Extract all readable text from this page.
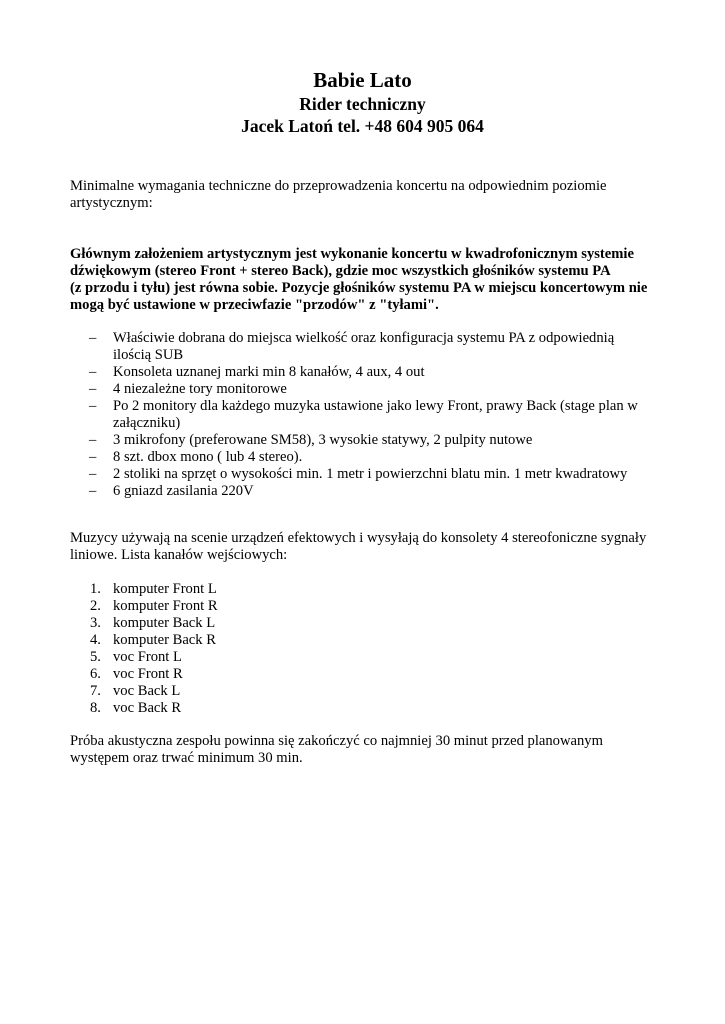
Babie Lato
Rider techniczny
Jacek Latoń tel. +48 604 905 064
Minimalne wymagania techniczne do przeprowadzenia koncertu na odpowiednim poziomie artystycznym:
Głównym założeniem artystycznym jest wykonanie koncertu w kwadrofonicznym systemie
dźwiękowym (stereo Front + stereo Back), gdzie moc wszystkich głośników systemu PA
(z przodu i tyłu) jest równa sobie. Pozycje głośników systemu PA w miejscu koncertowym nie
mogą być ustawione w przeciwfazie "przodów" z "tyłami".
– Właściwie dobrana do miejsca wielkość oraz konfiguracja systemu PA z odpowiednią
ilością SUB
– Konsoleta uznanej marki min 8 kanałów, 4 aux, 4 out
– 4 niezależne tory monitorowe
– Po 2 monitory dla każdego muzyka ustawione jako lewy Front, prawy Back (stage plan w
załączniku)
– 3 mikrofony (preferowane SM58), 3 wysokie statywy, 2 pulpity nutowe
– 8 szt. dbox mono ( lub 4 stereo).
– 2 stoliki na sprzęt o wysokości min. 1 metr i powierzchni blatu min. 1 metr kwadratowy
– 6 gniazd zasilania 220V
Muzycy używają na scenie urządzeń efektowych i wysyłają do konsolety 4 stereofoniczne sygnały
liniowe. Lista kanałów wejściowych:
1. komputer Front L
2. komputer Front R
3. komputer Back L
4. komputer Back R
5. voc Front L
6. voc Front R
7. voc Back L
8. voc Back R
Próba akustyczna zespołu powinna się zakończyć co najmniej 30 minut przed planowanym
występem oraz trwać minimum 30 min.
